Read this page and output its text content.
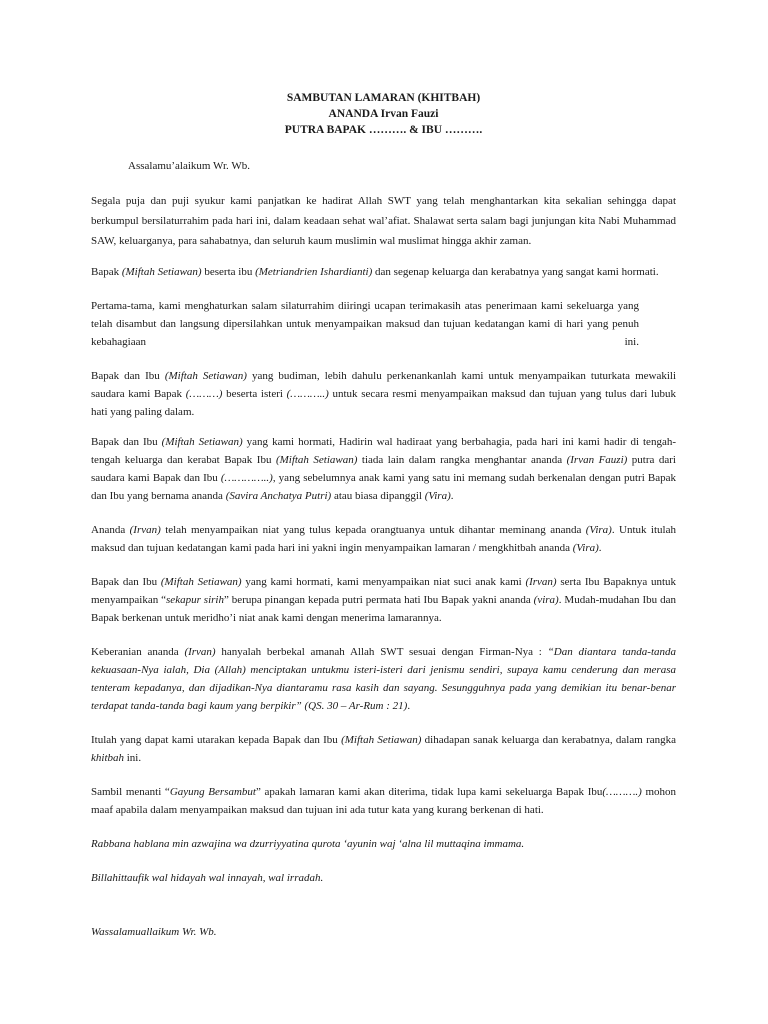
SAMBUTAN LAMARAN (KHITBAH)
ANANDA Irvan Fauzi
PUTRA BAPAK ………. & IBU ……….

Assalamu’alaikum Wr. Wb.

Segala puja dan puji syukur kami panjatkan ke hadirat Allah SWT yang telah menghantarkan kita sekalian sehingga dapat berkumpul bersilaturrahim pada hari ini, dalam keadaan sehat wal’afiat. Shalawat serta salam bagi junjungan kita Nabi Muhammad SAW, keluarganya, para sahabatnya, dan seluruh kaum muslimin wal muslimat hingga akhir zaman.

Bapak (Miftah Setiawan) beserta ibu (Metriandrien Ishardianti) dan segenap keluarga dan kerabatnya yang sangat kami hormati.

Pertama-tama, kami menghaturkan salam silaturrahim diiringi ucapan terimakasih atas penerimaan kami sekeluarga yang telah disambut dan langsung dipersilahkan untuk menyampaikan maksud dan tujuan kedatangan kami di hari yang penuh kebahagiaan	ini.

Bapak dan Ibu (Miftah Setiawan) yang budiman, lebih dahulu perkenankanlah kami untuk menyampaikan tuturkata mewakili saudara kami Bapak (………) beserta isteri (………..) untuk secara resmi menyampaikan maksud dan tujuan yang tulus dari lubuk hati yang paling dalam.

Bapak dan Ibu (Miftah Setiawan) yang kami hormati, Hadirin wal hadiraat yang berbahagia, pada hari ini kami hadir di tengah-tengah keluarga dan kerabat Bapak Ibu (Miftah Setiawan) tiada lain dalam rangka menghantar ananda (Irvan Fauzi) putra dari saudara kami Bapak dan Ibu (…………..), yang sebelumnya anak kami yang satu ini memang sudah berkenalan dengan putri Bapak dan Ibu yang bernama ananda (Savira Anchatya Putri) atau biasa dipanggil (Vira).

Ananda (Irvan) telah menyampaikan niat yang tulus kepada orangtuanya untuk dihantar meminang ananda (Vira). Untuk itulah maksud dan tujuan kedatangan kami pada hari ini yakni ingin menyampaikan lamaran / mengkhitbah ananda (Vira).

Bapak dan Ibu (Miftah Setiawan) yang kami hormati, kami menyampaikan niat suci anak kami (Irvan) serta Ibu Bapaknya untuk menyampaikan “sekapur sirih” berupa pinangan kepada putri permata hati Ibu Bapak yakni ananda (vira). Mudah-mudahan Ibu dan Bapak berkenan untuk meridho’i niat anak kami dengan menerima lamarannya.

Keberanian ananda (Irvan) hanyalah berbekal amanah Allah SWT sesuai dengan Firman-Nya : “Dan diantara tanda-tanda kekuasaan-Nya ialah, Dia (Allah) menciptakan untukmu isteri-isteri dari jenismu sendiri, supaya kamu cenderung dan merasa tenteram kepadanya, dan dijadikan-Nya diantaramu rasa kasih dan sayang. Sesungguhnya pada yang demikian itu benar-benar terdapat tanda-tanda bagi kaum yang berpikir” (QS. 30 – Ar-Rum : 21).

Itulah yang dapat kami utarakan kepada Bapak dan Ibu (Miftah Setiawan) dihadapan sanak keluarga dan kerabatnya, dalam rangka khitbah ini.

Sambil menanti “Gayung Bersambut” apakah lamaran kami akan diterima, tidak lupa kami sekeluarga Bapak Ibu(……….) mohon maaf apabila dalam menyampaikan maksud dan tujuan ini ada tutur kata yang kurang berkenan di hati.

Rabbana hablana min azwajina wa dzurriyyatina qurota ‘ayunin waj ‘alna lil muttaqina immama.

Billahittaufik wal hidayah wal innayah, wal irradah.

Wassalamuallaikum Wr. Wb.
